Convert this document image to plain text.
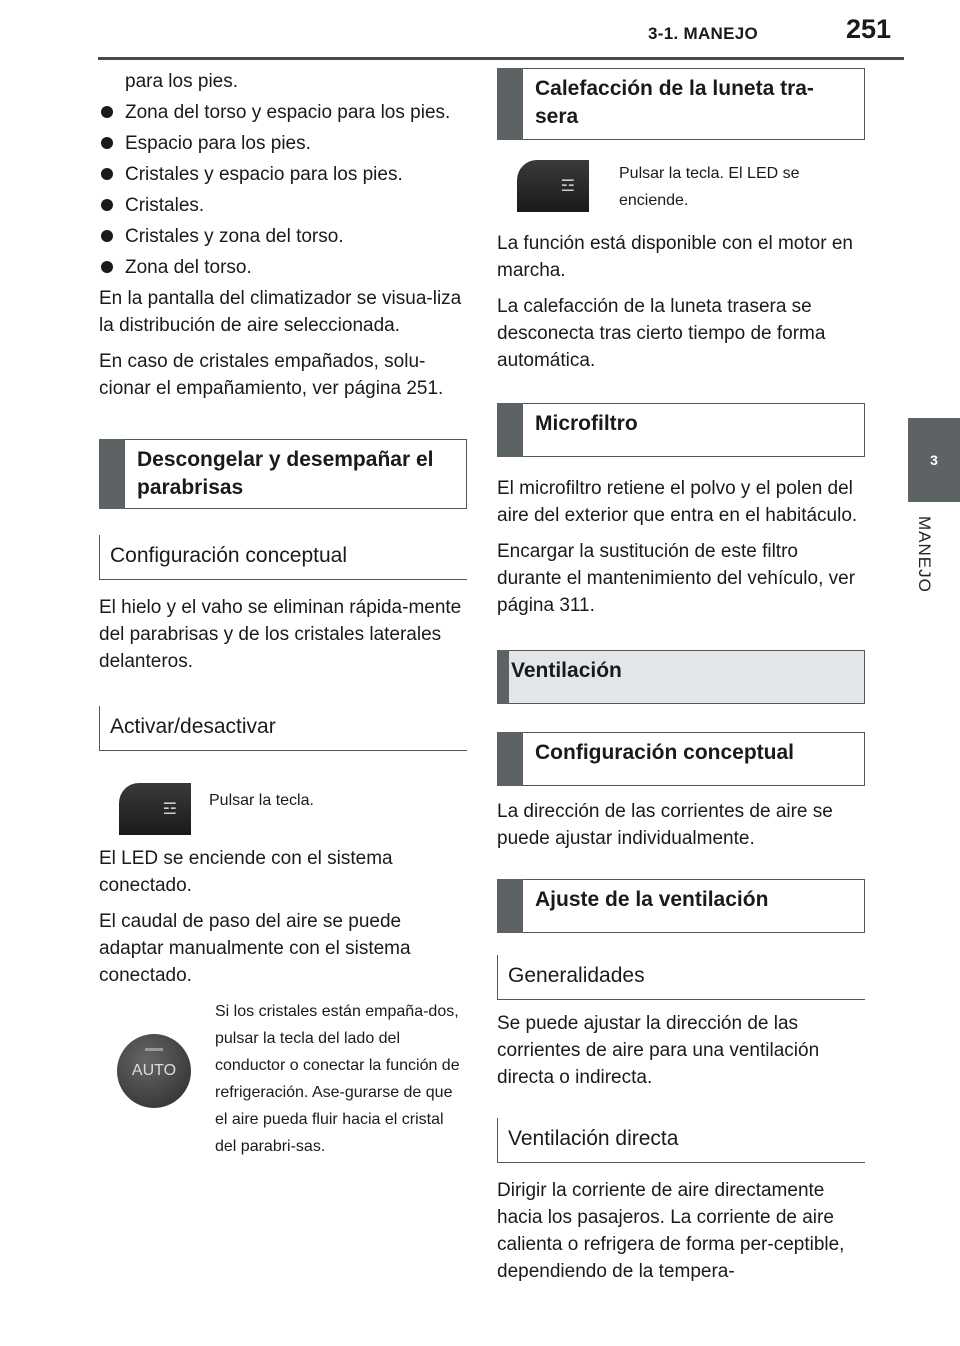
3-1. MANEJO	251
3
MANEJO

para los pies.

Zona del torso y espacio para los pies.
Espacio para los pies.
Cristales y espacio para los pies.
Cristales.
Cristales y zona del torso.
Zona del torso.

En la pantalla del climatizador se visua-liza la distribución de aire seleccionada.

En caso de cristales empañados, solu-cionar el empañamiento, ver página 251.

Descongelar y desempañar el parabrisas
Configuración conceptual

El hielo y el vaho se eliminan rápida-mente del parabrisas y de los cristales laterales delanteros.

Activar/desactivar
☲
Pulsar la tecla.

El LED se enciende con el sistema conectado.

El caudal de paso del aire se puede adaptar manualmente con el sistema conectado.

AUTO
Si los cristales están empaña-dos, pulsar la tecla del lado del conductor o conectar la función de refrigeración. Ase-gurarse de que el aire pueda fluir hacia el cristal del parabri-sas.
Calefacción de la luneta tra-sera
☲
Pulsar la tecla. El LED se enciende.

La función está disponible con el motor en marcha.

La calefacción de la luneta trasera se desconecta tras cierto tiempo de forma automática.

Microfiltro

El microfiltro retiene el polvo y el polen del aire del exterior que entra en el habitáculo.

Encargar la sustitución de este filtro durante el mantenimiento del vehículo, ver página 311.

Ventilación
Configuración conceptual

La dirección de las corrientes de aire se puede ajustar individualmente.

Ajuste de la ventilación
Generalidades

Se puede ajustar la dirección de las corrientes de aire para una ventilación directa o indirecta.

Ventilación directa

Dirigir la corriente de aire directamente hacia los pasajeros. La corriente de aire calienta o refrigera de forma per-ceptible, dependiendo de la tempera-
